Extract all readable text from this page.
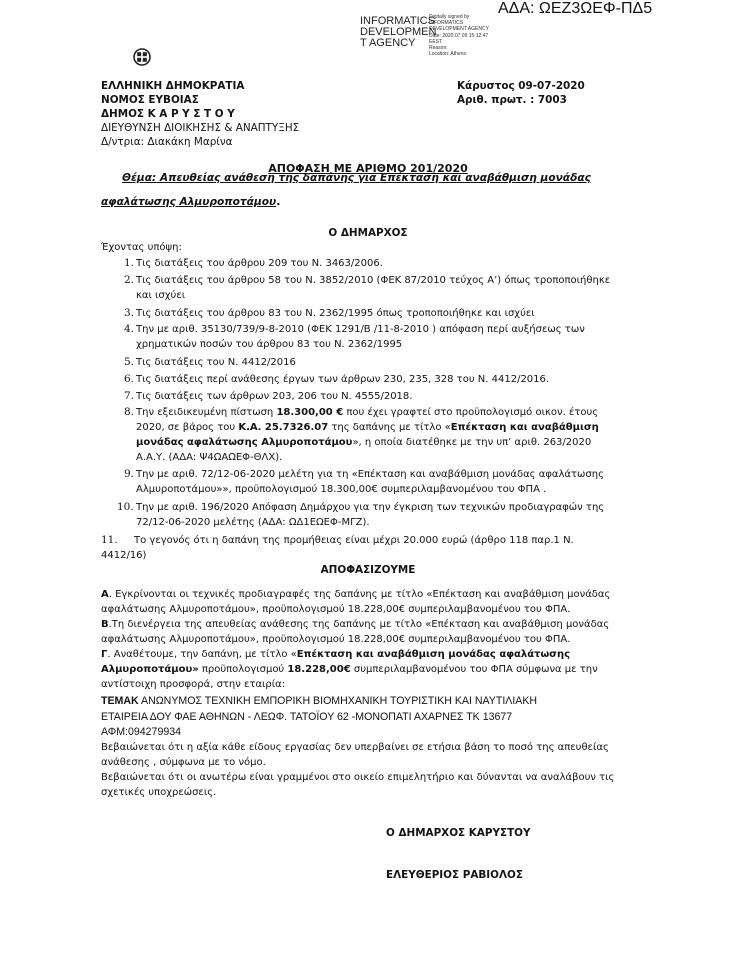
ΑΔΑ: ΩΕΖ3ΩΕΦ-ΠΔ5
INFORMATICS
DEVELOPMEN
T AGENCY
Digitally signed by
INFORMATICS
DEVELOPMENT AGENCY
Date: 2020.07.09 15:12:47
EEST
Reason:
Location: Athens
ΕΛΛΗΝΙΚΗ ΔΗΜΟΚΡΑΤΙΑ
ΝΟΜΟΣ ΕΥΒΟΙΑΣ
ΔΗΜΟΣ Κ Α Ρ Υ Σ Τ Ο Υ
ΔΙΕΥΘΥΝΣΗ ΔΙΟΙΚΗΣΗΣ & ΑΝΑΠΤΥΞΗΣ
Δ/ντρια: Διακάκη Μαρίνα
Κάρυστος 09-07-2020
Αριθ. πρωτ. : 7003
ΑΠΟΦΑΣΗ ΜΕ ΑΡΙΘΜΟ 201/2020
Θέμα: Απευθείας ανάθεση της δαπάνης για Επέκταση και αναβάθμιση μονάδας
αφαλάτωσης Αλμυροποτάμου.
Ο ΔΗΜΑΡΧΟΣ
Έχοντας υπόψη:
1. Τις διατάξεις του άρθρου 209 του Ν. 3463/2006.
2. Τις διατάξεις του άρθρου 58 του Ν. 3852/2010 (ΦΕΚ 87/2010 τεύχος Α’) όπως τροποποιήθηκε
και ισχύει
3. Τις διατάξεις του άρθρου 83 του Ν. 2362/1995 όπως τροποποιήθηκε και ισχύει
4. Την με αριθ. 35130/739/9-8-2010 (ΦΕΚ 1291/Β /11-8-2010 ) απόφαση περί αυξήσεως των
χρηματικών ποσών του άρθρου 83 του Ν. 2362/1995
5. Τις διατάξεις του Ν. 4412/2016
6. Τις διατάξεις περί ανάθεσης έργων των άρθρων 230, 235, 328 του Ν. 4412/2016.
7. Τις διατάξεις των άρθρων 203, 206 του Ν. 4555/2018.
8. Την εξειδικευμένη πίστωση 18.300,00 € που έχει γραφτεί στο προϋπολογισμό οικον. έτους
2020, σε βάρος του Κ.Α. 25.7326.07 της δαπάνης με τίτλο «Επέκταση και αναβάθμιση
μονάδας αφαλάτωσης Αλμυροποτάμου», η οποία διατέθηκε με την υπ’ αριθ. 263/2020
Α.Α.Υ. (ΑΔΑ: Ψ4ΩΑΩΕΦ-ΘΛΧ).
9. Την με αριθ. 72/12-06-2020 μελέτη για τη «Επέκταση και αναβάθμιση μονάδας αφαλάτωσης
Αλμυροποτάμου»», προϋπολογισμού 18.300,00€ συμπεριλαμβανομένου του ΦΠΑ .
10. Την με αριθ. 196/2020 Απόφαση Δημάρχου για την έγκριση των τεχνικών προδιαγραφών της
72/12-06-2020 μελέτης (ΑΔΑ: ΩΔ1ΕΩΕΦ-ΜΓΖ).
11. Το γεγονός ότι η δαπάνη της προμήθειας είναι μέχρι 20.000 ευρώ (άρθρο 118 παρ.1 Ν.
4412/16)
ΑΠΟΦΑΣΙΖΟΥΜΕ
Α. Εγκρίνονται οι τεχνικές προδιαγραφές της δαπάνης με τίτλο «Επέκταση και αναβάθμιση μονάδας
αφαλάτωσης Αλμυροποτάμου», προϋπολογισμού 18.228,00€ συμπεριλαμβανομένου του ΦΠΑ.
Β.Τη διενέργεια της απευθείας ανάθεσης της δαπάνης με τίτλο «Επέκταση και αναβάθμιση μονάδας
αφαλάτωσης Αλμυροποτάμου», προϋπολογισμού 18.228,00€ συμπεριλαμβανομένου του ΦΠΑ.
Γ. Αναθέτουμε, την δαπάνη, με τίτλο «Επέκταση και αναβάθμιση μονάδας αφαλάτωσης
Αλμυροποτάμου» προϋπολογισμού 18.228,00€ συμπεριλαμβανομένου του ΦΠΑ σύμφωνα με την
αντίστοιχη προσφορά, στην εταιρία:
ΤΕΜΑΚ ΑΝΩΝΥΜΟΣ ΤΕΧΝΙΚΗ ΕΜΠΟΡΙΚΗ ΒΙΟΜΗΧΑΝΙΚΗ ΤΟΥΡΙΣΤΙΚΗ ΚΑΙ ΝΑΥΤΙΛΙΑΚΗ
ΕΤΑΙΡΕΙΑ ΔΟΥ ΦΑΕ ΑΘΗΝΩΝ - ΛΕΩΦ. ΤΑΤΟΪΟΥ 62 -ΜΟΝΟΠΑΤΙ ΑΧΑΡΝΕΣ ΤΚ 13677
ΑΦΜ:094279934
Βεβαιώνεται ότι η αξία κάθε είδους εργασίας δεν υπερβαίνει σε ετήσια βάση το ποσό της απευθείας
ανάθεσης , σύμφωνα με το νόμο.
Βεβαιώνεται ότι οι ανωτέρω είναι γραμμένοι στο οικείο επιμελητήριο και δύνανται να αναλάβουν τις
σχετικές υποχρεώσεις.
Ο ΔΗΜΑΡΧΟΣ ΚΑΡΥΣΤΟΥ
ΕΛΕΥΘΕΡΙΟΣ ΡΑΒΙΟΛΟΣ
